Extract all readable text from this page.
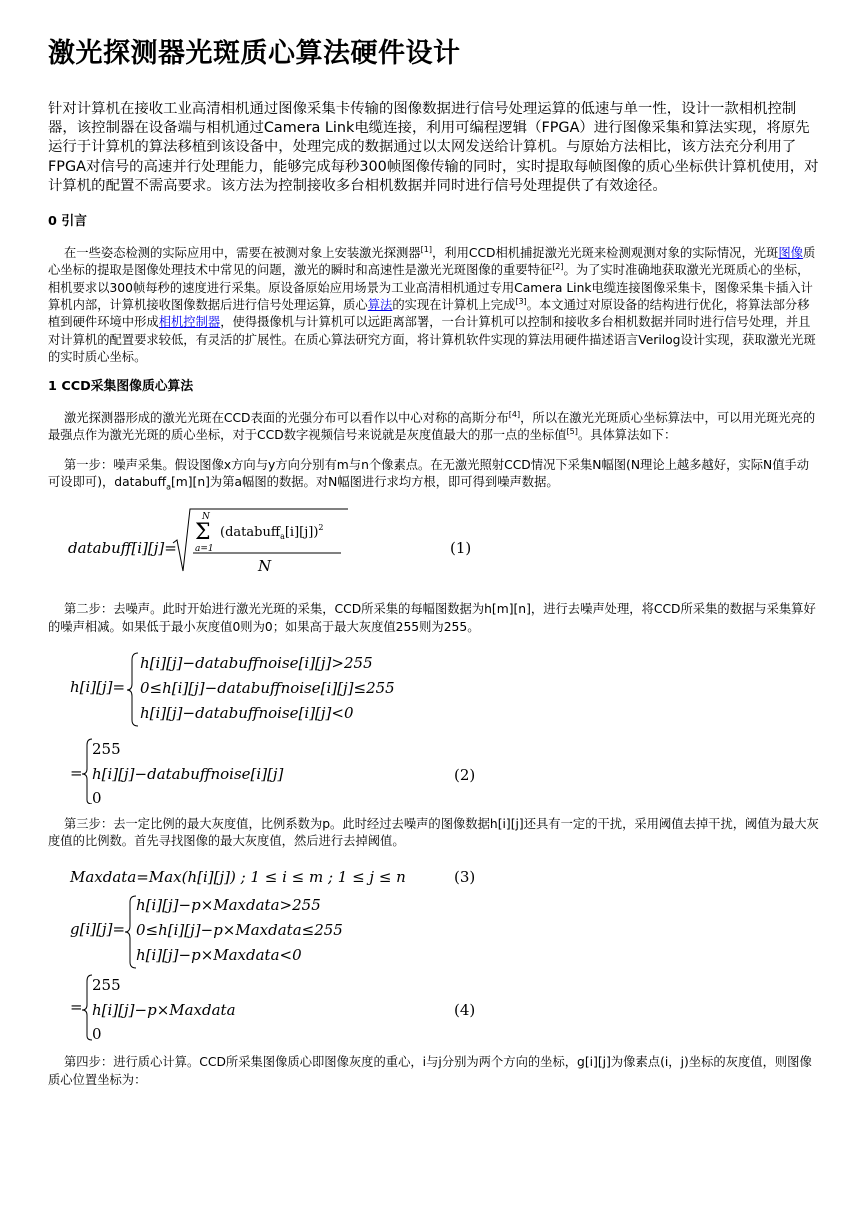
激光探测器光斑质心算法硬件设计

针对计算机在接收工业高清相机通过图像采集卡传输的图像数据进行信号处理运算的低速与单一性，设计一款相机控制器，该控制器在设备端与相机通过Camera Link电缆连接，利用可编程逻辑（FPGA）进行图像采集和算法实现，将原先运行于计算机的算法移植到该设备中，处理完成的数据通过以太网发送给计算机。与原始方法相比，该方法充分利用了FPGA对信号的高速并行处理能力，能够完成每秒300帧图像传输的同时，实时提取每帧图像的质心坐标供计算机使用，对计算机的配置不需高要求。该方法为控制接收多台相机数据并同时进行信号处理提供了有效途径。

0 引言

在一些姿态检测的实际应用中，需要在被测对象上安装激光探测器[1]，利用CCD相机捕捉激光光斑来检测观测对象的实际情况，光斑图像质心坐标的提取是图像处理技术中常见的问题，激光的瞬时和高速性是激光光斑图像的重要特征[2]。为了实时准确地获取激光光斑质心的坐标，相机要求以300帧每秒的速度进行采集。原设备原始应用场景为工业高清相机通过专用Camera Link电缆连接图像采集卡，图像采集卡插入计算机内部，计算机接收图像数据后进行信号处理运算，质心算法的实现在计算机上完成[3]。本文通过对原设备的结构进行优化，将算法部分移植到硬件环境中形成相机控制器，使得摄像机与计算机可以远距离部署，一台计算机可以控制和接收多台相机数据并同时进行信号处理，并且对计算机的配置要求较低，有灵活的扩展性。在质心算法研究方面，将计算机软件实现的算法用硬件描述语言Verilog设计实现，获取激光光斑的实时质心坐标。

1 CCD采集图像质心算法

激光探测器形成的激光光斑在CCD表面的光强分布可以看作以中心对称的高斯分布[4]，所以在激光光斑质心坐标算法中，可以用光斑光亮的最强点作为激光光斑的质心坐标，对于CCD数字视频信号来说就是灰度值最大的那一点的坐标值[5]。具体算法如下：

第一步：噪声采集。假设图像x方向与y方向分别有m与n个像素点。在无激光照射CCD情况下采集N幅图(N理论上越多越好，实际N值手动可设即可)，databuff$_a$[m][n]为第a幅图的数据。对N幅图进行求均方根，即可得到噪声数据。

databuff[i][j]=
N
Σ
a=1
(databuff$_a$[i][j])$^2$
N
(1)

第二步：去噪声。此时开始进行激光光斑的采集，CCD所采集的每幅图数据为h[m][n]，进行去噪声处理，将CCD所采集的数据与采集算好的噪声相减。如果低于最小灰度值0则为0；如果高于最大灰度值255则为255。

h[i][j]=
h[i][j]−databuffnoise[i][j]>255
0≤h[i][j]−databuffnoise[i][j]≤255
h[i][j]−databuffnoise[i][j]<0
=
255
h[i][j]−databuffnoise[i][j]
0
(2)

第三步：去一定比例的最大灰度值，比例系数为p。此时经过去噪声的图像数据h[i][j]还具有一定的干扰，采用阈值去掉干扰，阈值为最大灰度值的比例数。首先寻找图像的最大灰度值，然后进行去掉阈值。

Maxdata=Max(h[i][j]) ; 1 ≤ i ≤ m ; 1 ≤ j ≤ n	(3)
g[i][j]=
h[i][j]−p×Maxdata>255
0≤h[i][j]−p×Maxdata≤255
h[i][j]−p×Maxdata<0
=
255
h[i][j]−p×Maxdata
0
(4)

第四步：进行质心计算。CCD所采集图像质心即图像灰度的重心，i与j分别为两个方向的坐标，g[i][j]为像素点(i，j)坐标的灰度值，则图像质心位置坐标为：
